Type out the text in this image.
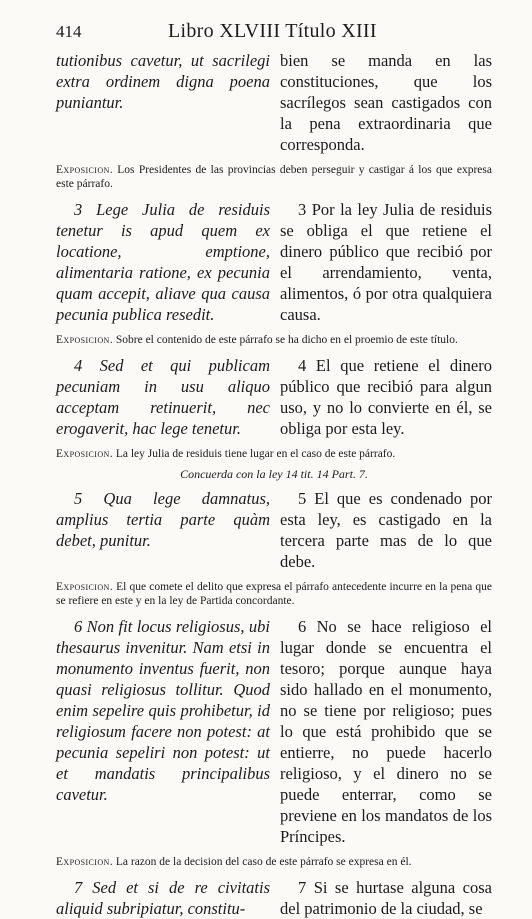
414	Libro XLVIII Título XIII

tutionibus cavetur, ut sacrilegi extra ordinem digna poena puniantur.

bien se manda en las constituciones, que los sacrílegos sean castigados con la pena extraordinaria que corresponda.

Exposicion. Los Presidentes de las provincias deben perseguir y castigar á los que expresa este párrafo.

3 Lege Julia de residuis tenetur is apud quem ex locatione, emptione, alimentaria ratione, ex pecunia quam accepit, aliave qua causa pecunia publica resedit.

3 Por la ley Julia de residuis se obliga el que retiene el dinero público que recibió por el arrendamiento, venta, alimentos, ó por otra qualquiera causa.

Exposicion. Sobre el contenido de este párrafo se ha dicho en el proemio de este título.

4 Sed et qui publicam pecuniam in usu aliquo acceptam retinuerit, nec erogaverit, hac lege tenetur.

4 El que retiene el dinero público que recibió para algun uso, y no lo convierte en él, se obliga por esta ley.

Exposicion. La ley Julia de residuis tiene lugar en el caso de este párrafo.
Concuerda con la ley 14 tit. 14 Part. 7.

5 Qua lege damnatus, amplius tertia parte quàm debet, punitur.

5 El que es condenado por esta ley, es castigado en la tercera parte mas de lo que debe.

Exposicion. El que comete el delito que expresa el párrafo antecedente incurre en la pena que se refiere en este y en la ley de Partida concordante.

6 Non fit locus religiosus, ubi thesaurus invenitur. Nam etsi in monumento inventus fuerit, non quasi religiosus tollitur. Quod enim sepelire quis prohibetur, id religiosum facere non potest: at pecunia sepeliri non potest: ut et mandatis principalibus cavetur.

6 No se hace religioso el lugar donde se encuentra el tesoro; porque aunque haya sido hallado en el monumento, no se tiene por religioso; pues lo que está prohibido que se entierre, no puede hacerlo religioso, y el dinero no se puede enterrar, como se previene en los mandatos de los Príncipes.

Exposicion. La razon de la decision del caso de este párrafo se expresa en él.

7 Sed et si de re civitatis aliquid subripiatur, constitu-

7 Si se hurtase alguna cosa del patrimonio de la ciudad, se
